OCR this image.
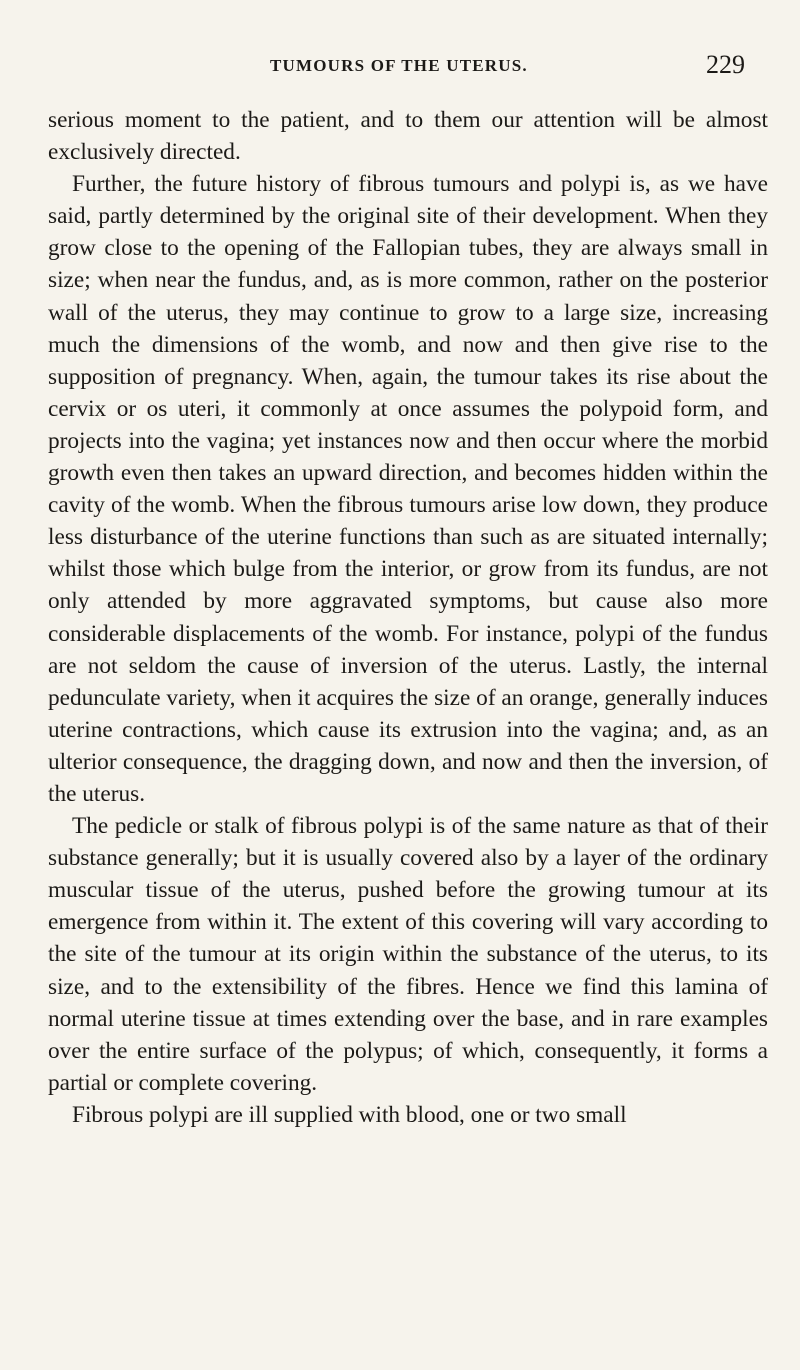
TUMOURS OF THE UTERUS.	229

serious moment to the patient, and to them our attention will be almost exclusively directed.

Further, the future history of fibrous tumours and polypi is, as we have said, partly determined by the original site of their development. When they grow close to the opening of the Fallopian tubes, they are always small in size; when near the fundus, and, as is more common, rather on the posterior wall of the uterus, they may continue to grow to a large size, increasing much the dimensions of the womb, and now and then give rise to the supposition of pregnancy. When, again, the tumour takes its rise about the cervix or os uteri, it commonly at once assumes the polypoid form, and projects into the vagina; yet instances now and then occur where the morbid growth even then takes an upward direction, and becomes hidden within the cavity of the womb. When the fibrous tumours arise low down, they produce less disturbance of the uterine functions than such as are situated internally; whilst those which bulge from the interior, or grow from its fundus, are not only attended by more aggravated symptoms, but cause also more considerable displacements of the womb. For instance, polypi of the fundus are not seldom the cause of inversion of the uterus. Lastly, the internal pedunculate variety, when it acquires the size of an orange, generally induces uterine contractions, which cause its extrusion into the vagina; and, as an ulterior consequence, the dragging down, and now and then the inversion, of the uterus.

The pedicle or stalk of fibrous polypi is of the same nature as that of their substance generally; but it is usually covered also by a layer of the ordinary muscular tissue of the uterus, pushed before the growing tumour at its emergence from within it. The extent of this covering will vary according to the site of the tumour at its origin within the substance of the uterus, to its size, and to the extensibility of the fibres. Hence we find this lamina of normal uterine tissue at times extending over the base, and in rare examples over the entire surface of the polypus; of which, consequently, it forms a partial or complete covering.

Fibrous polypi are ill supplied with blood, one or two small
